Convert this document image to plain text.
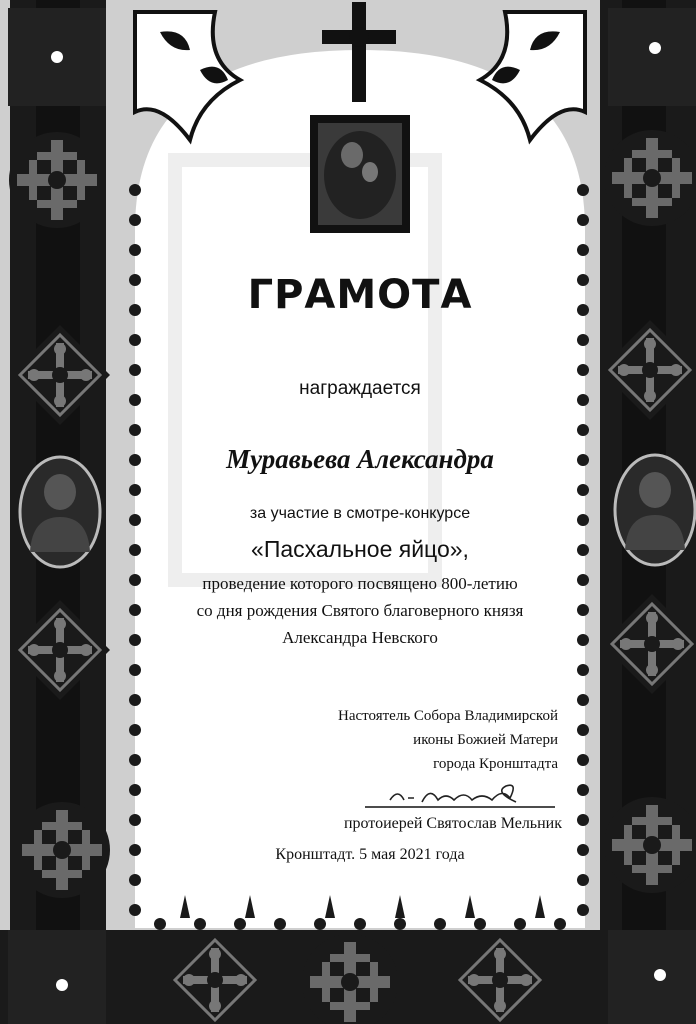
ГРАМОТА
награждается
Муравьева Александра
за участие в смотре-конкурсе
«Пасхальное яйцо»,
проведение которого посвящено 800-летию
со дня рождения Святого благоверного князя
Александра Невского
Настоятель Собора Владимирской
иконы Божией Матери
города Кронштадта
протоиерей Святослав Мельник
Кронштадт. 5 мая 2021 года
